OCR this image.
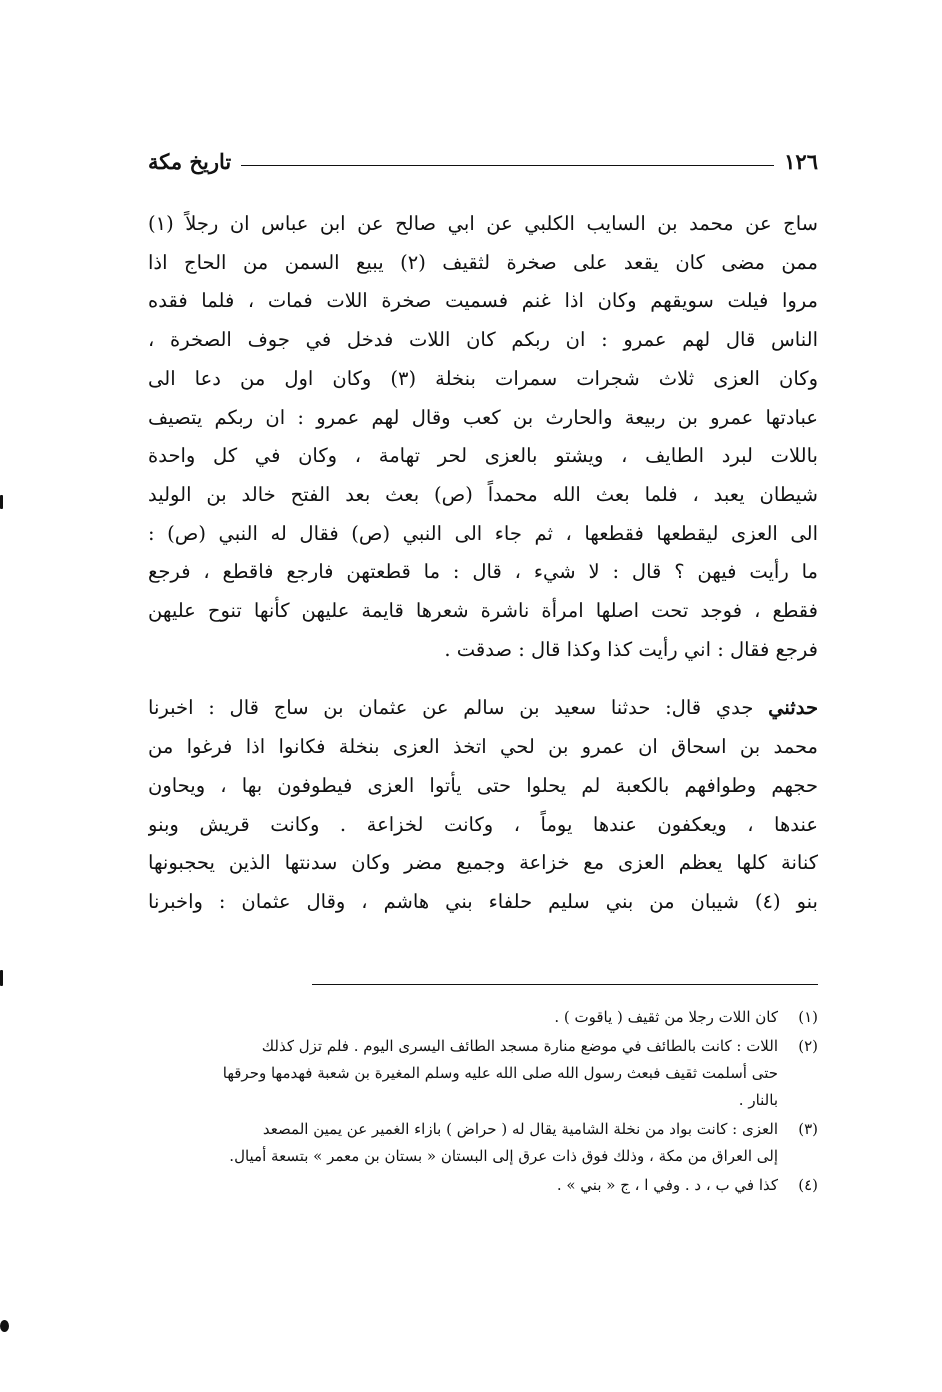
١٢٦
تاريخ مكة
ساج عن محمد بن السايب الكلبي عن ابي صالح عن ابن عباس ان رجلاً (١)
ممن مضى كان يقعد على صخرة لثقيف (٢) يبيع السمن من الحاج اذا
مروا فيلت سويقهم وكان اذا غنم فسميت صخرة اللات فمات ، فلما فقده
الناس قال لهم عمرو : ان ربكم كان اللات فدخل في جوف الصخرة ،
وكان العزى ثلاث شجرات سمرات بنخلة (٣) وكان اول من دعا الى
عبادتها عمرو بن ربيعة والحارث بن كعب وقال لهم عمرو : ان ربكم يتصيف
باللات لبرد الطايف ، ويشتو بالعزى لحر تهامة ، وكان في كل واحدة
شيطان يعبد ، فلما بعث الله محمداً (ص) بعث بعد الفتح خالد بن الوليد
الى العزى ليقطعها فقطعها ، ثم جاء الى النبي (ص) فقال له النبي (ص) :
ما رأيت فيهن ؟ قال : لا شيء ، قال : ما قطعتهن فارجع فاقطع ، فرجع
فقطع ، فوجد تحت اصلها امرأة ناشرة شعرها قايمة عليهن كأنها تنوح عليهن
فرجع فقال : اني رأيت كذا وكذا قال : صدقت .
حدثني جدي قال: حدثنا سعيد بن سالم عن عثمان بن ساج قال : اخبرنا
محمد بن اسحاق ان عمرو بن لحي اتخذ العزى بنخلة فكانوا اذا فرغوا من
حجهم وطوافهم بالكعبة لم يحلوا حتى يأتوا العزى فيطوفون بها ، ويحاون
عندها ، ويعكفون عندها يوماً ، وكانت لخزاعة . وكانت قريش وبنو
كنانة كلها يعظم العزى مع خزاعة وجميع مضر وكان سدنتها الذين يحجبونها
بنو (٤) شيبان من بني سليم حلفاء بني هاشم ، وقال عثمان : واخبرنا
(١)
كان اللات رجلا من ثقيف ( ياقوت ) .
(٢)
اللات : كانت بالطائف في موضع منارة مسجد الطائف اليسرى اليوم . فلم تزل كذلك
حتى أسلمت ثقيف فبعث رسول الله صلى الله عليه وسلم المغيرة بن شعبة فهدمها وحرقها
بالنار .
(٣)
العزى : كانت بواد من نخلة الشامية يقال له ( حراض ) بازاء الغمير عن يمين المصعد
إلى العراق من مكة ، وذلك فوق ذات عرق إلى البستان « بستان بن معمر » بتسعة أميال.
(٤)
كذا في ب ، د . وفي ا ، ج « بني » .
